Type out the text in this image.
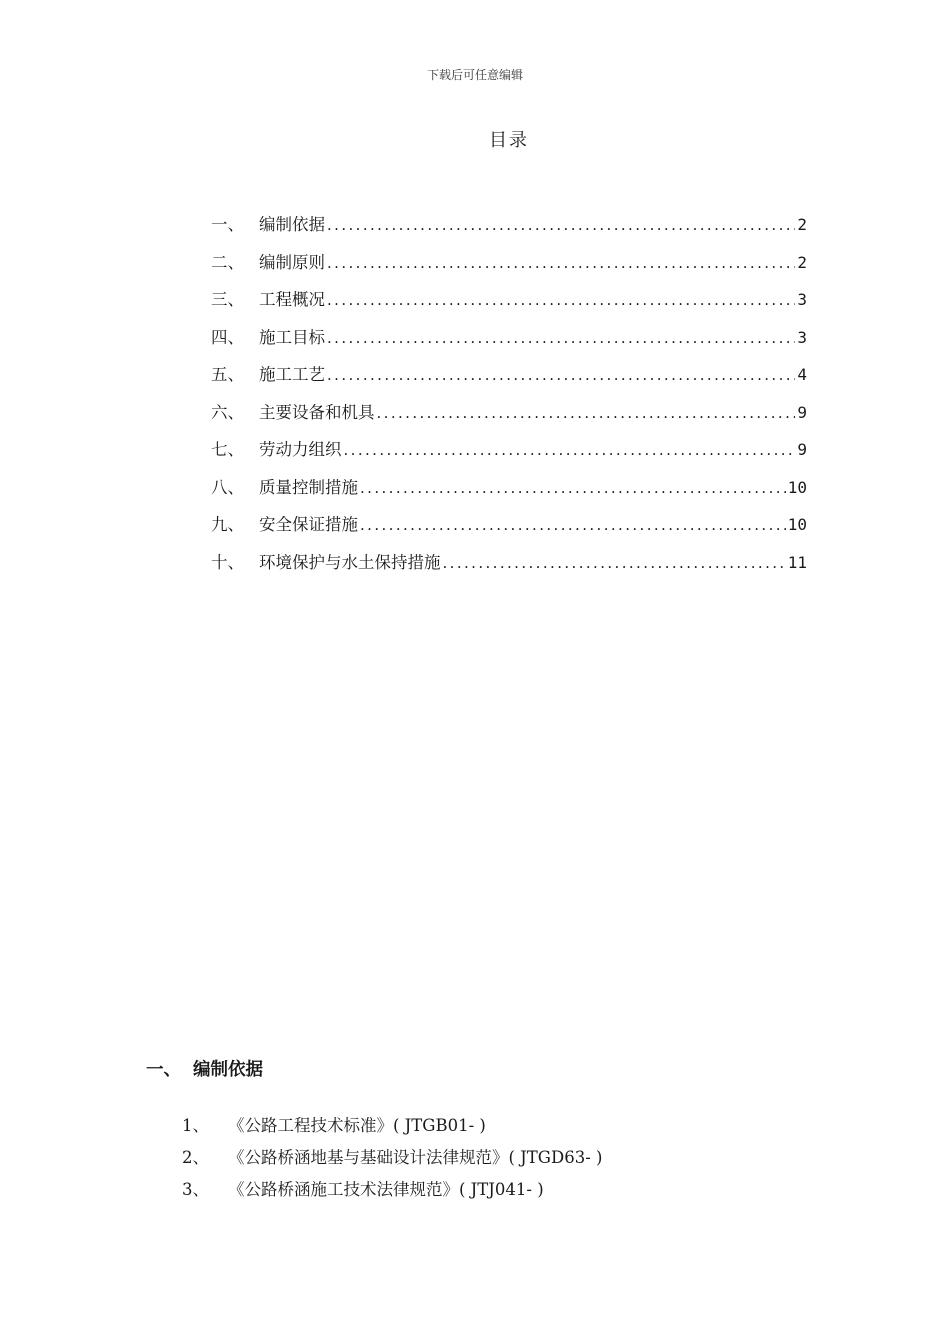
下载后可任意编辑
目录
一、 编制依据 .....	2
二、 编制原则 .....	2
三、 工程概况 .....	3
四、 施工目标 .....	3
五、 施工工艺 .....	4
六、 主要设备和机具 .....	9
七、 劳动力组织 .....	9
八、 质量控制措施 .....	10
九、 安全保证措施 .....	10
十、 环境保护与水土保持措施 .....	11
一、 编制依据
1、	《公路工程技术标准》( JTGB01- )
2、	《公路桥涵地基与基础设计法律规范》( JTGD63- )
3、	《公路桥涵施工技术法律规范》( JTJ041- )
